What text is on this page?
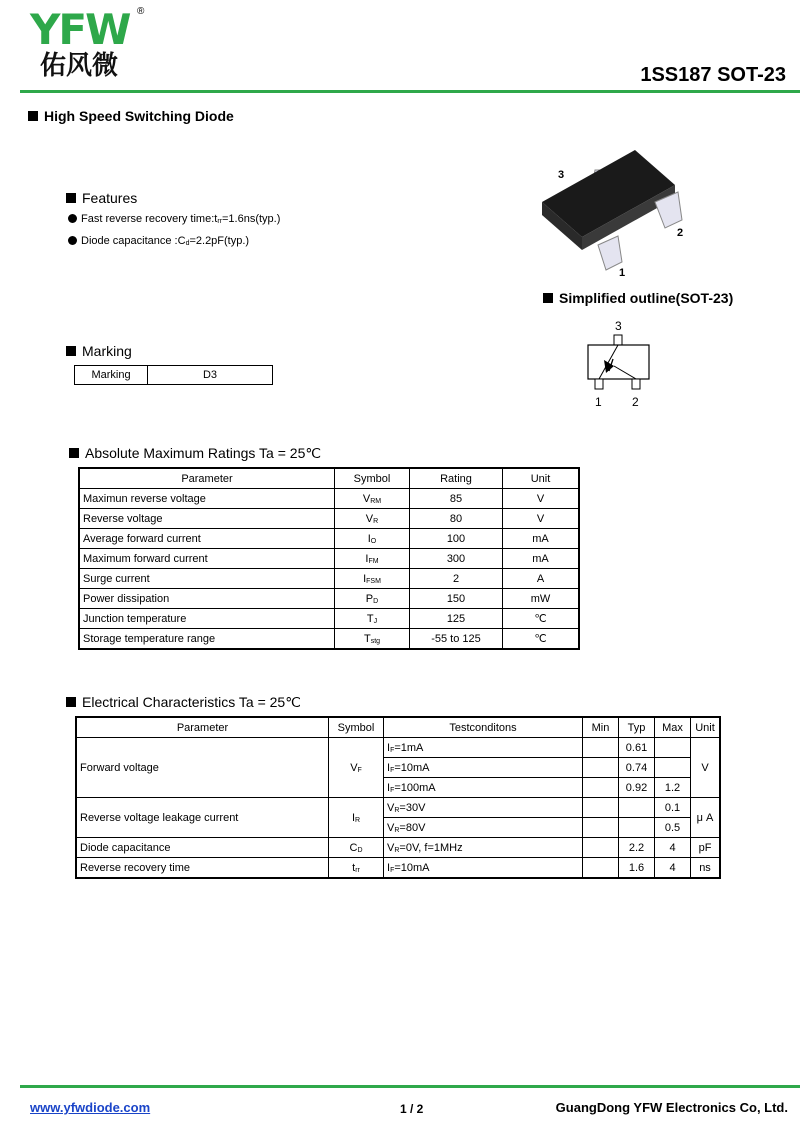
YFW ®
佑风微	1SS187 SOT-23
High Speed Switching Diode
3
2
1
Simplified outline(SOT-23)
3
1	2
Features
Fast reverse recovery $time:t_{rr}=1.6ns(typ.)$
Diode capacitance $:C_d=2.2pF(typ.)$
Marking
Marking	D3
Absolute Maximum Ratings Ta = 25℃
Parameter	Symbol	Rating	Unit
Maximun reverse voltage	$V_{RM}$	85	V
Reverse voltage	$V_R$	80	V
Average forward current	$I_O$	100	mA
Maximum forward current	$I_{FM}$	300	mA
Surge current	$I_{FSM}$	2	A
Power dissipation	$P_D$	150	mW
Junction temperature	$T_J$	125	℃
Storage temperature range	$T_{stg}$	-55 to 125	℃
Electrical Characteristics Ta = 25℃
Parameter	Symbol	Testconditons	Min	Typ	Max	Unit
Forward voltage	$V_F$	$I_F=1mA$		0.61		V
		$I_F=10mA$		0.74		
		$I_F=100mA$		0.92	1.2	
Reverse voltage leakage current	$I_R$	$V_R=30V$			0.1	μ A
		$V_R=80V$			0.5	
Diode capacitance	$C_D$	$V_R=0V$, f=1MHz		2.2	4	pF
Reverse recovery time	$t_{rr}$	$I_F=10mA$		1.6	4	ns
www.yfwdiode.com	1 / 2	GuangDong YFW Electronics Co, Ltd.
